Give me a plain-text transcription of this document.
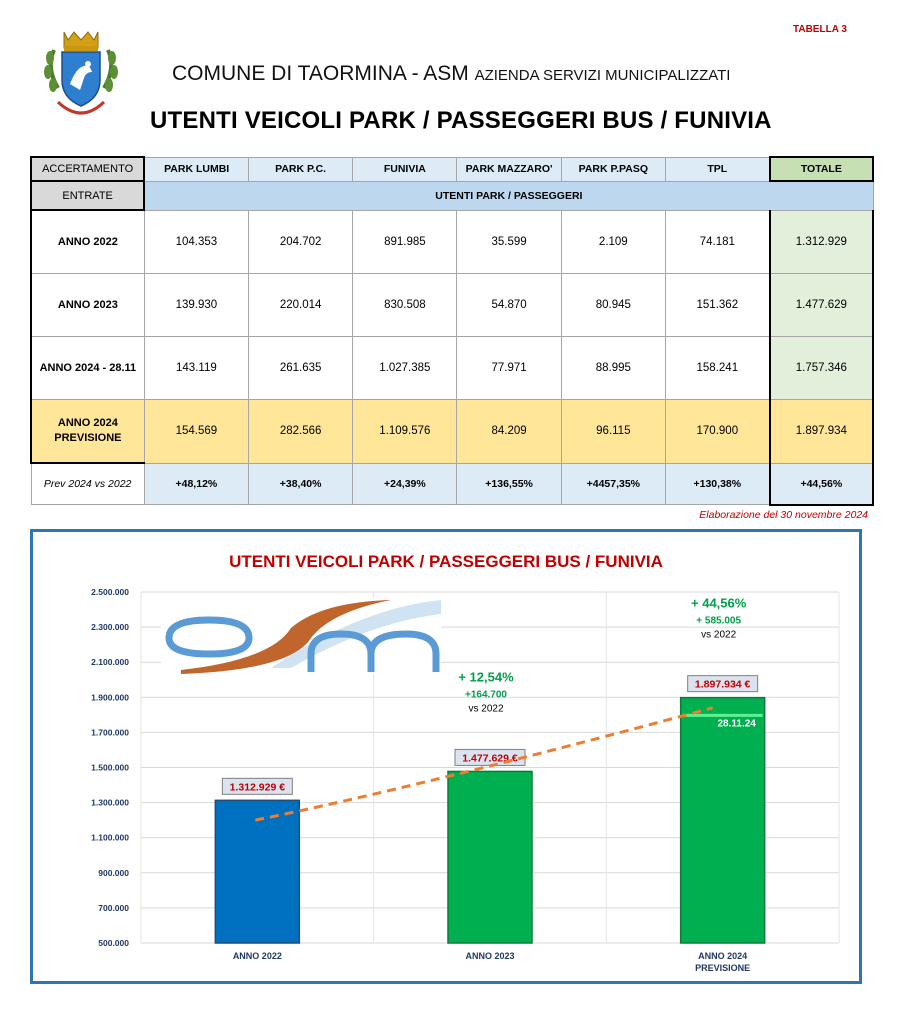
TABELLA 3
COMUNE DI TAORMINA - ASM AZIENDA SERVIZI MUNICIPALIZZATI
UTENTI VEICOLI PARK / PASSEGGERI BUS / FUNIVIA
ACCERTAMENTO	PARK LUMBI	PARK P.C.	FUNIVIA	PARK MAZZARO'	PARK P.PASQ	TPL	TOTALE
ENTRATE	UTENTI PARK / PASSEGGERI						
ANNO 2022	104.353	204.702	891.985	35.599	2.109	74.181	1.312.929
ANNO 2023	139.930	220.014	830.508	54.870	80.945	151.362	1.477.629
ANNO 2024 - 28.11	143.119	261.635	1.027.385	77.971	88.995	158.241	1.757.346
ANNO 2024
PREVISIONE	154.569	282.566	1.109.576	84.209	96.115	170.900	1.897.934
Prev 2024 vs 2022	+48,12%	+38,40%	+24,39%	+136,55%	+4457,35%	+130,38%	+44,56%
Elaborazione del 30 novembre 2024
UTENTI VEICOLI PARK / PASSEGGERI BUS / FUNIVIA
500.000
700.000
900.000
1.100.000
1.300.000
1.500.000
1.700.000
1.900.000
2.100.000
2.300.000
2.500.000
1.312.929 €
ANNO 2022
1.477.629 €
ANNO 2023
1.897.934 €
ANNO 2024
PREVISIONE
28.11.24
+ 12,54%
+164.700
vs 2022
+ 44,56%
+ 585.005
vs 2022
